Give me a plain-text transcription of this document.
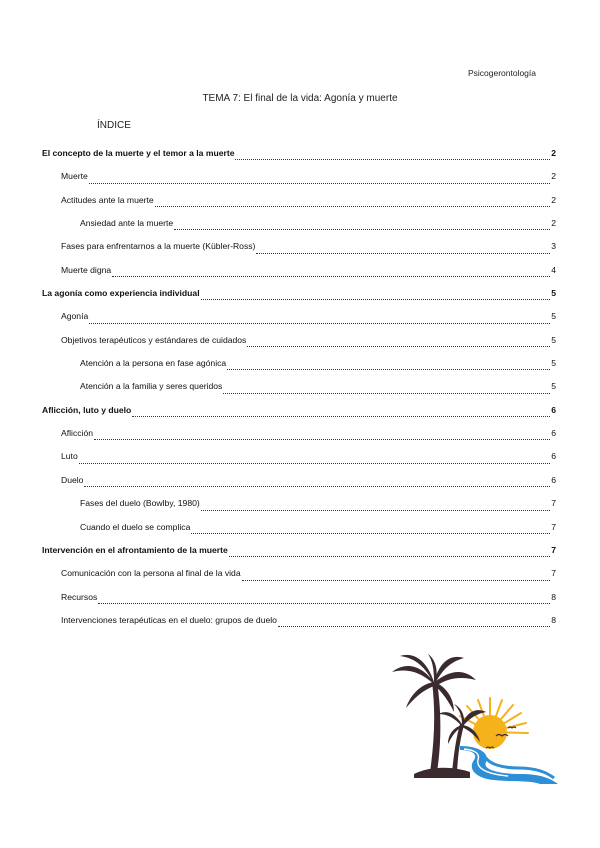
Psicogerontología
TEMA 7: El final de la vida: Agonía y muerte
ÍNDICE
El concepto de la muerte y el temor a la muerte	2
Muerte	2
Actitudes ante la muerte	2
Ansiedad ante la muerte	2
Fases para enfrentarnos a la muerte (Kübler-Ross)	3
Muerte digna	4
La agonía como experiencia individual	5
Agonía	5
Objetivos terapéuticos y estándares de cuidados	5
Atención a la persona en fase agónica	5
Atención a la familia y seres queridos	5
Aflicción, luto y duelo	6
Aflicción	6
Luto	6
Duelo	6
Fases del duelo (Bowlby, 1980)	7
Cuando el duelo se complica	7
Intervención en el afrontamiento de la muerte	7
Comunicación con la persona al final de la vida	7
Recursos	8
Intervenciones terapéuticas en el duelo: grupos de duelo	8
